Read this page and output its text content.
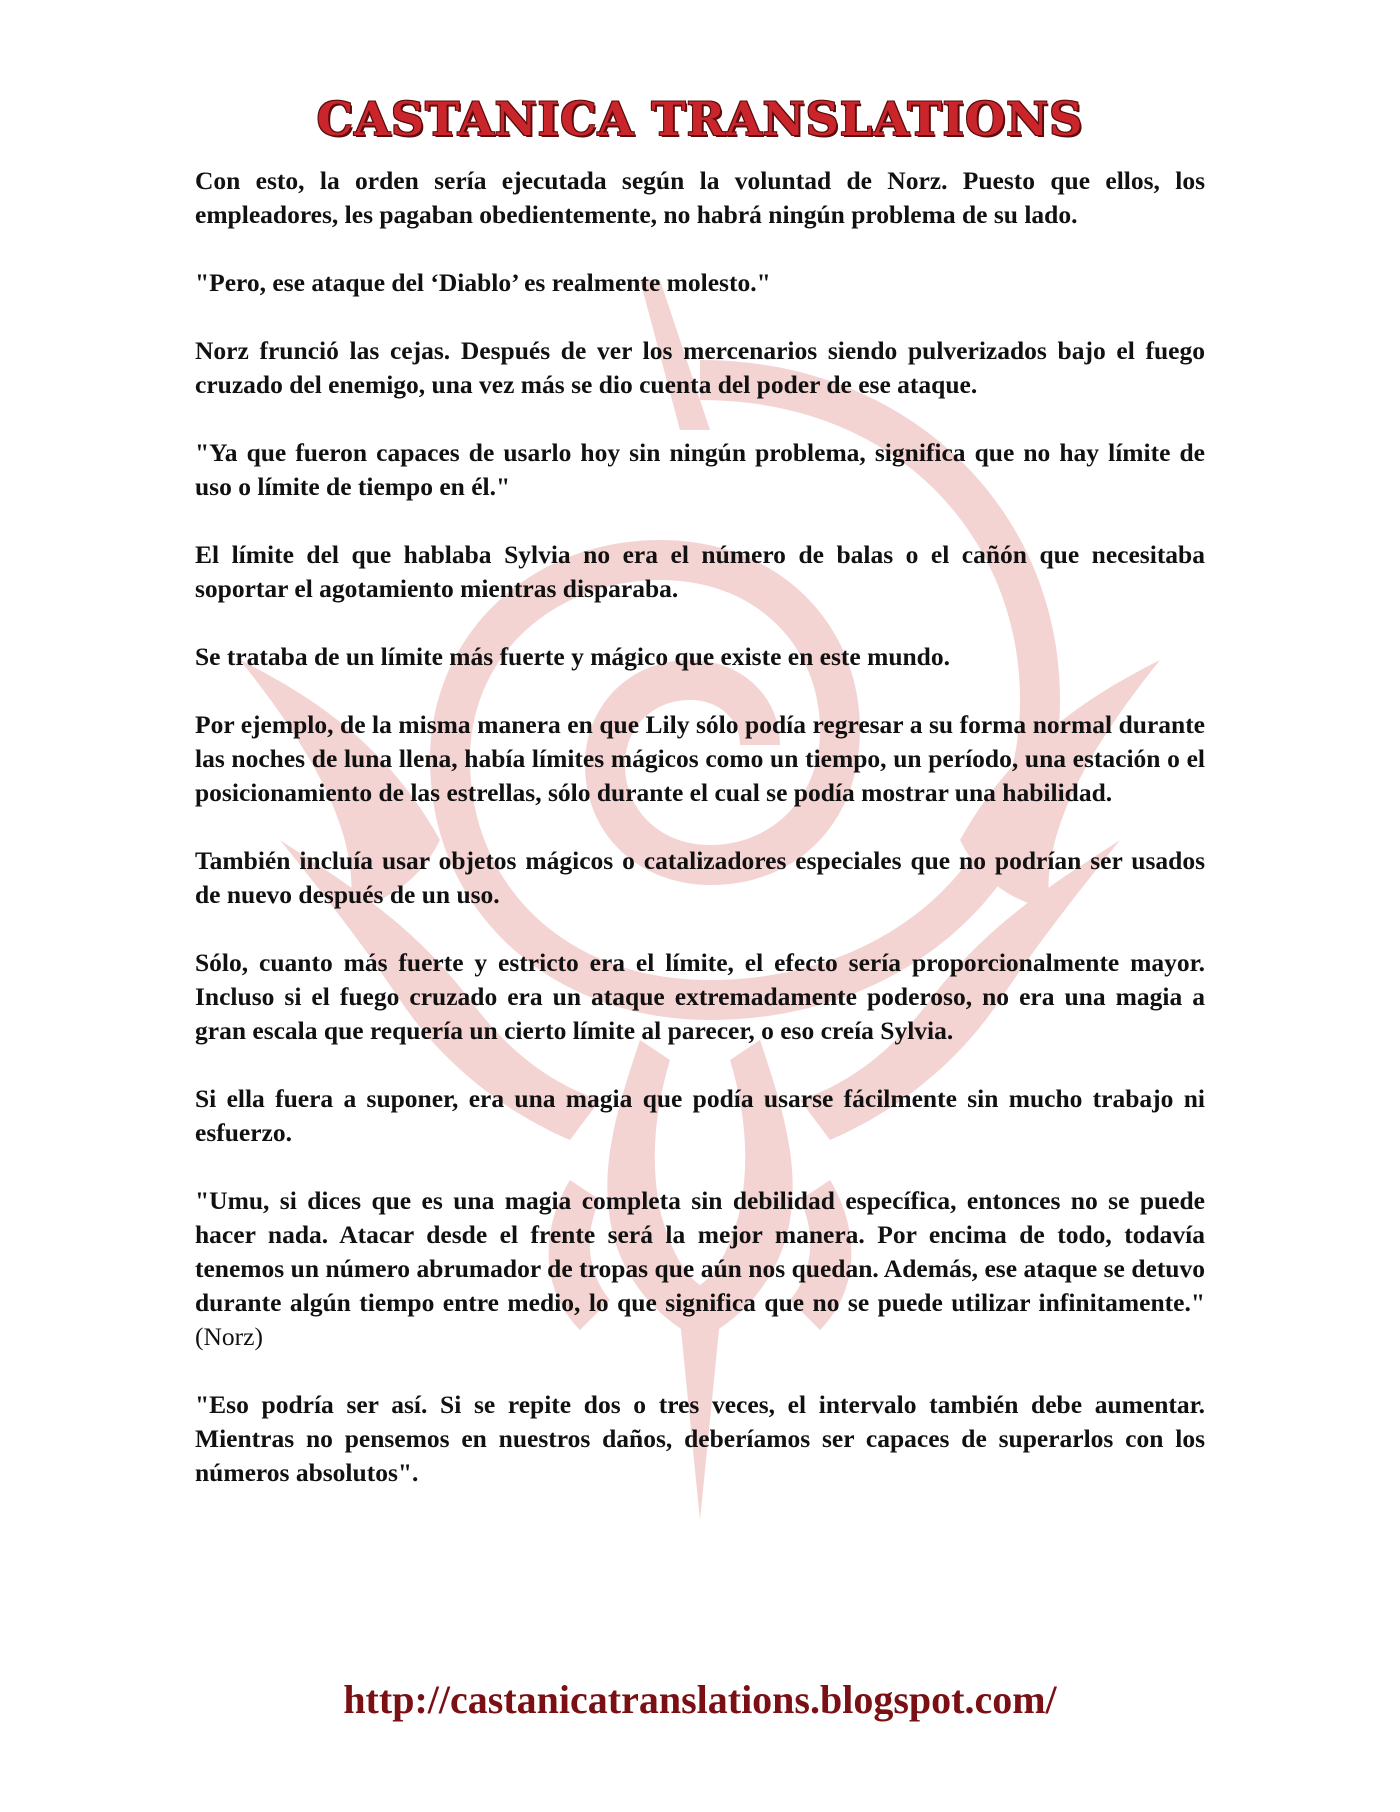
CASTANICA TRANSLATIONS

Con esto, la orden sería ejecutada según la voluntad de Norz. Puesto que ellos, los empleadores, les pagaban obedientemente, no habrá ningún problema de su lado.

"Pero, ese ataque del ‘Diablo’ es realmente molesto."

Norz frunció las cejas. Después de ver los mercenarios siendo pulverizados bajo el fuego cruzado del enemigo, una vez más se dio cuenta del poder de ese ataque.

"Ya que fueron capaces de usarlo hoy sin ningún problema, significa que no hay límite de uso o límite de tiempo en él."

El límite del que hablaba Sylvia no era el número de balas o el cañón que necesitaba soportar el agotamiento mientras disparaba.

Se trataba de un límite más fuerte y mágico que existe en este mundo.

Por ejemplo, de la misma manera en que Lily sólo podía regresar a su forma normal durante las noches de luna llena, había límites mágicos como un tiempo, un período, una estación o el posicionamiento de las estrellas, sólo durante el cual se podía mostrar una habilidad.

También incluía usar objetos mágicos o catalizadores especiales que no podrían ser usados de nuevo después de un uso.

Sólo, cuanto más fuerte y estricto era el límite, el efecto sería proporcionalmente mayor. Incluso si el fuego cruzado era un ataque extremadamente poderoso, no era una magia a gran escala que requería un cierto límite al parecer, o eso creía Sylvia.

Si ella fuera a suponer, era una magia que podía usarse fácilmente sin mucho trabajo ni esfuerzo.

"Umu, si dices que es una magia completa sin debilidad específica, entonces no se puede hacer nada. Atacar desde el frente será la mejor manera. Por encima de todo, todavía tenemos un número abrumador de tropas que aún nos quedan. Además, ese ataque se detuvo durante algún tiempo entre medio, lo que significa que no se puede utilizar infinitamente." (Norz)

"Eso podría ser así. Si se repite dos o tres veces, el intervalo también debe aumentar. Mientras no pensemos en nuestros daños, deberíamos ser capaces de superarlos con los números absolutos".

http://castanicatranslations.blogspot.com/
